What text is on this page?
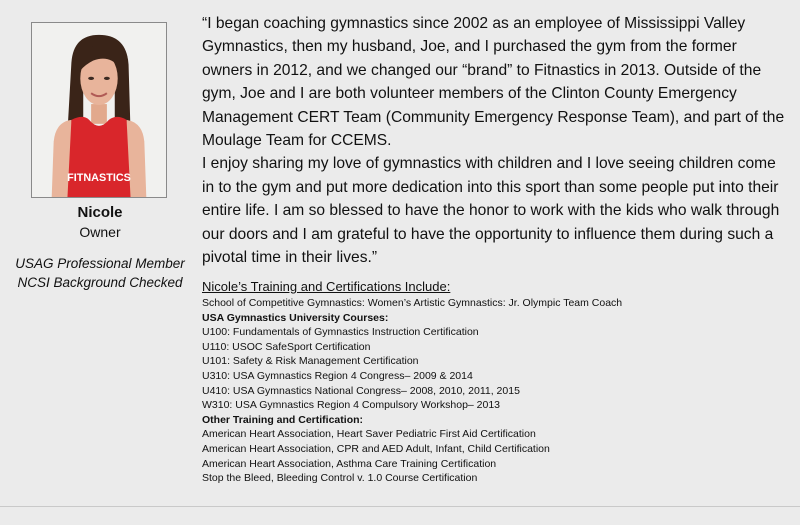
FITNASTICS
Nicole
Owner
USAG Professional Member
NCSI Background Checked

“I began coaching gymnastics since 2002 as an employee of Mississippi Valley Gymnastics, then my husband, Joe, and I purchased the gym from the former owners in 2012, and we changed our “brand” to Fitnastics in 2013. Outside of the gym, Joe and I are both volunteer members of the Clinton County Emergency Management CERT Team (Community Emergency Response Team), and part of the Moulage Team for CCEMS.

I enjoy sharing my love of gymnastics with children and I love seeing children come in to the gym and put more dedication into this sport than some people put into their entire life. I am so blessed to have the honor to work with the kids who walk through our doors and I am grateful to have the opportunity to influence them during such a pivotal time in their lives.”

Nicole’s Training and Certifications Include:
School of Competitive Gymnastics: Women’s Artistic Gymnastics: Jr. Olympic Team Coach
USA Gymnastics University Courses:
U100: Fundamentals of Gymnastics Instruction Certification
U110: USOC SafeSport Certification
U101: Safety & Risk Management Certification
U310: USA Gymnastics Region 4 Congress– 2009 & 2014
U410: USA Gymnastics National Congress– 2008, 2010, 2011, 2015
W310: USA Gymnastics Region 4 Compulsory Workshop– 2013
Other Training and Certification:
American Heart Association, Heart Saver Pediatric First Aid Certification
American Heart Association, CPR and AED Adult, Infant, Child Certification
American Heart Association, Asthma Care Training Certification
Stop the Bleed, Bleeding Control v. 1.0 Course Certification
